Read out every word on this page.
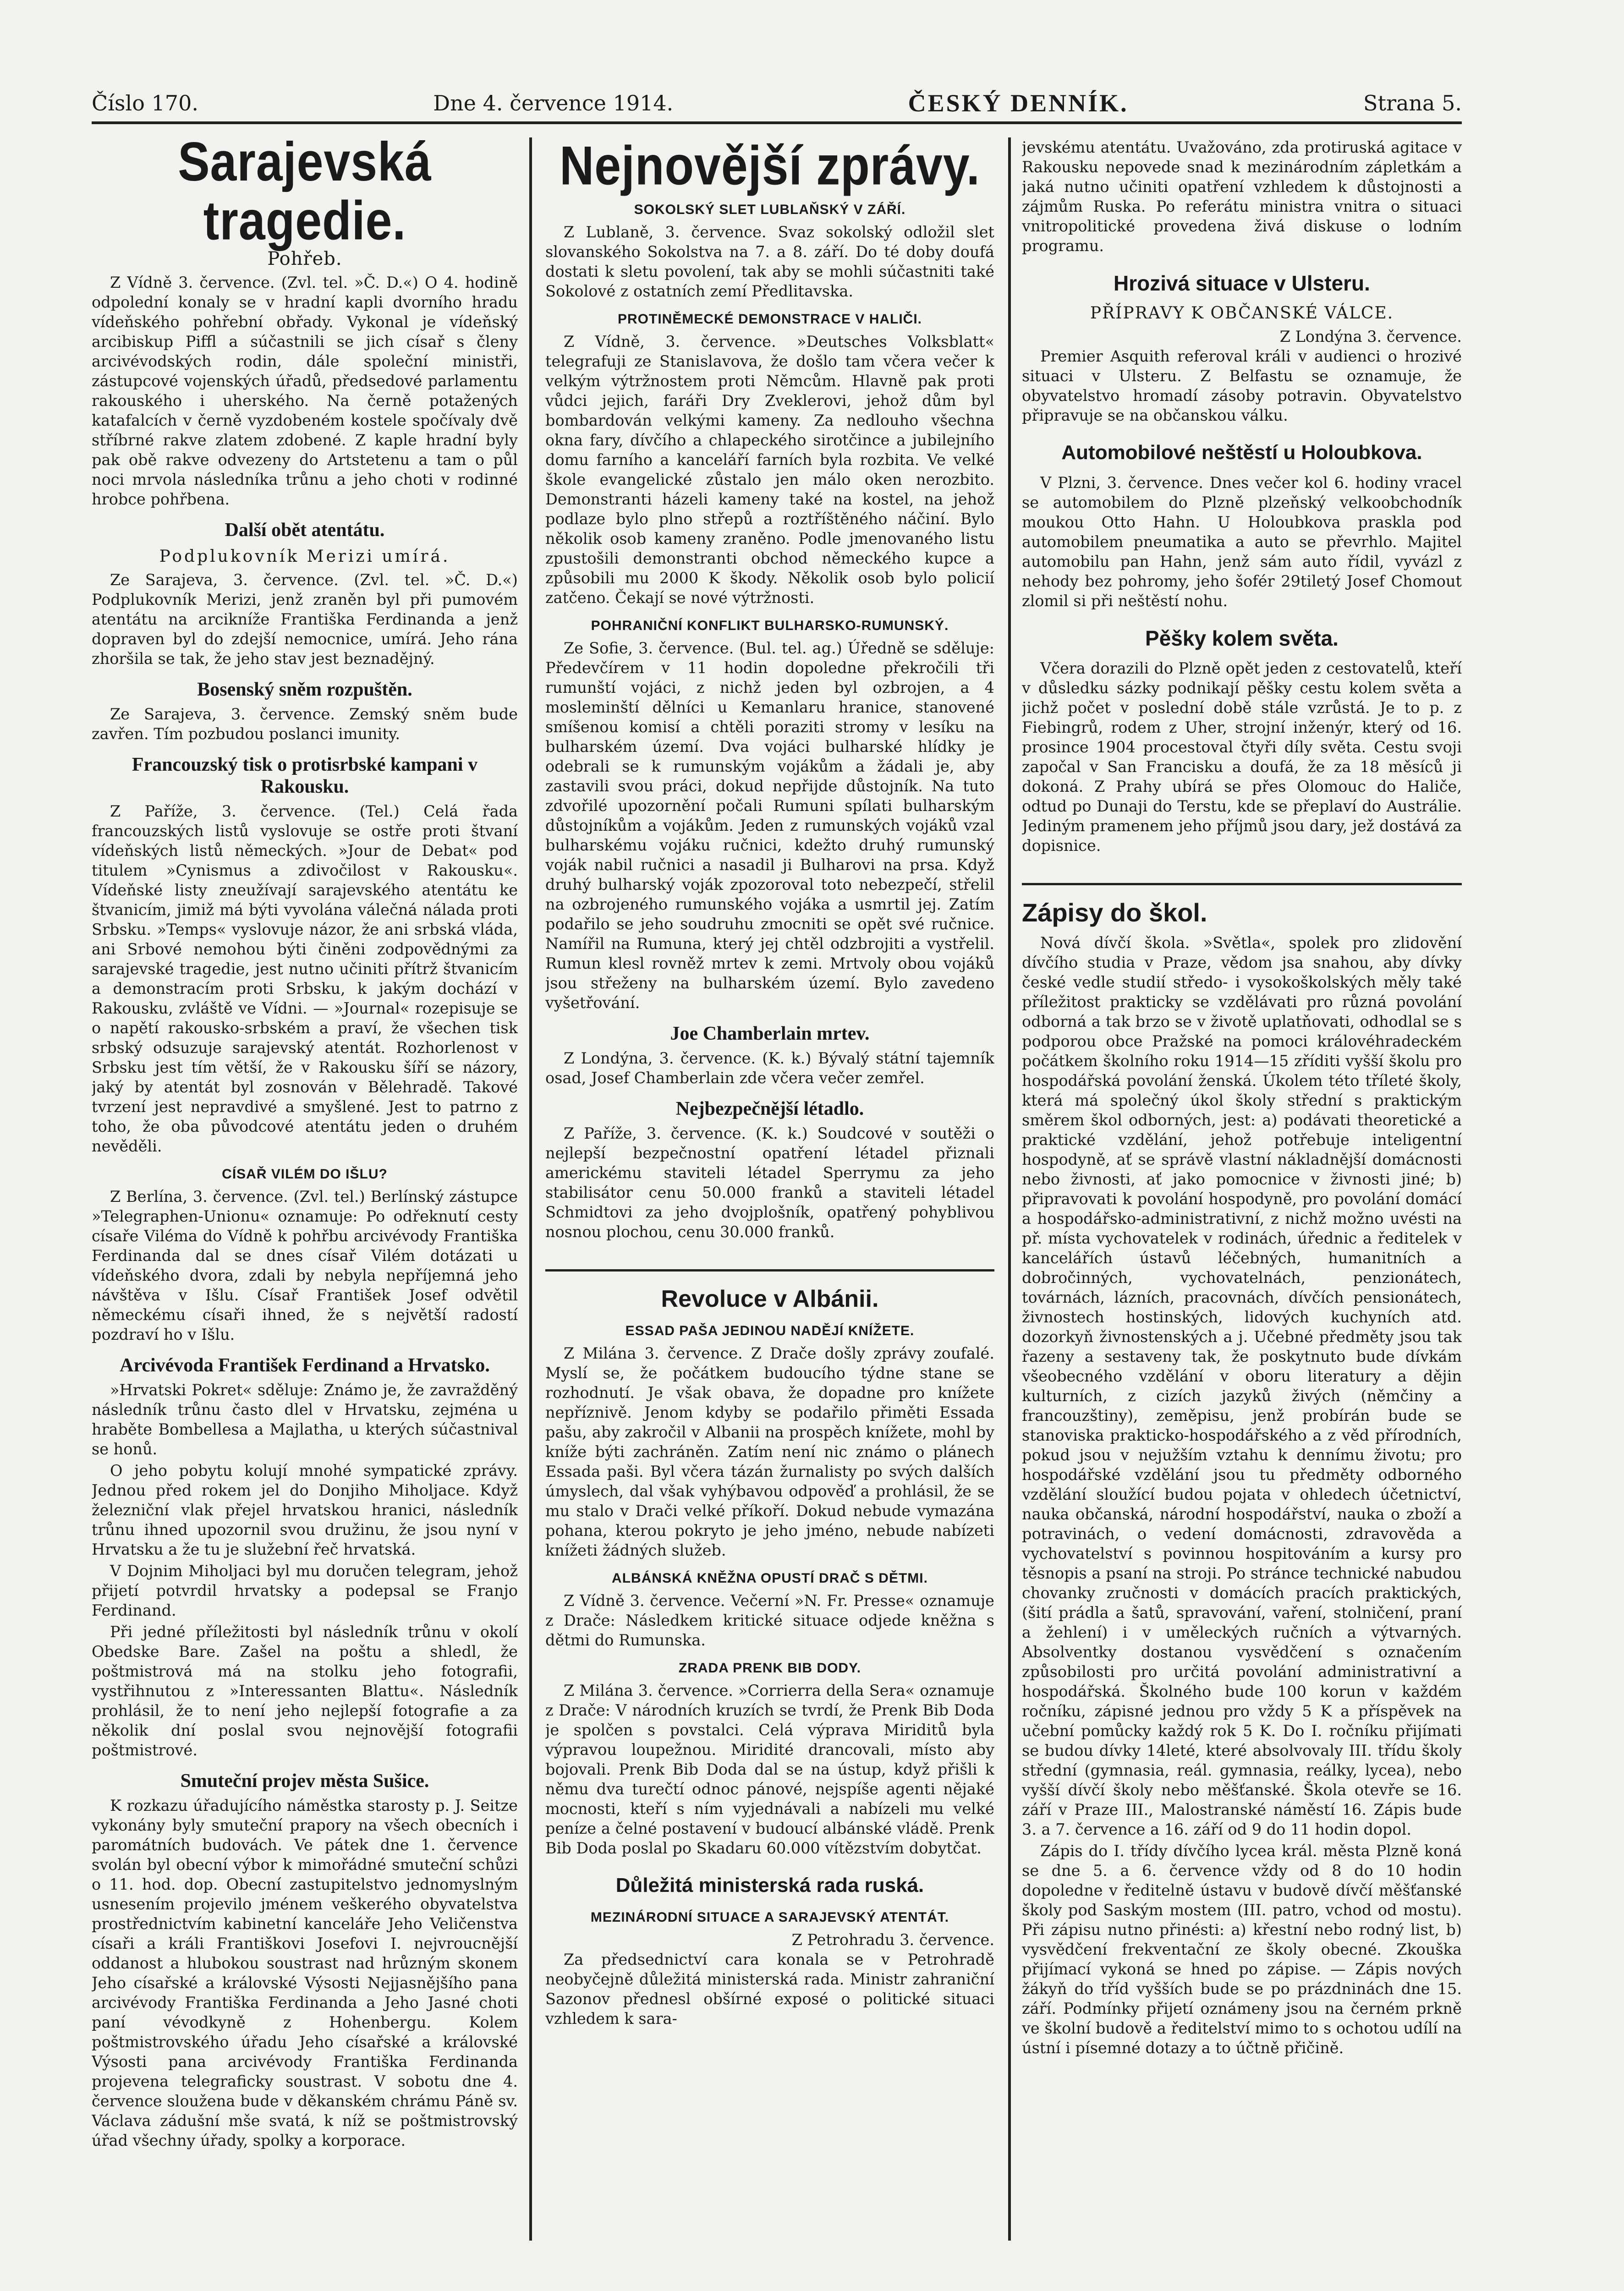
Číslo 170.	Dne 4. července 1914.	ČESKÝ DENNÍK.	Strana 5.
Sarajevská tragedie.
Pohřeb.

Z Vídně 3. července. (Zvl. tel. »Č. D.«) O 4. hodině odpolední konaly se v hradní kapli dvorního hradu vídeňského pohřební obřady. Vykonal je vídeňský arcibiskup Piffl a súčastnili se jich císař s členy arcivévodských rodin, dále společní ministři, zástupcové vojenských úřadů, předsedové parlamentu rakouského i uherského. Na černě potažených katafalcích v černě vyzdobeném kostele spočívaly dvě stříbrné rakve zlatem zdobené. Z kaple hradní byly pak obě rakve odvezeny do Artstetenu a tam o půl noci mrvola následníka trůnu a jeho choti v rodinné hrobce pohřbena.

Další obět atentátu.
Podplukovník Merizi umírá.

Ze Sarajeva, 3. července. (Zvl. tel. »Č. D.«) Podplukovník Merizi, jenž zraněn byl při pumovém atentátu na arcikníže Františka Ferdinanda a jenž dopraven byl do zdejší nemocnice, umírá. Jeho rána zhoršila se tak, že jeho stav jest beznadějný.

Bosenský sněm rozpuštěn.

Ze Sarajeva, 3. července. Zemský sněm bude zavřen. Tím pozbudou poslanci imunity.

Francouzský tisk o protisrbské kampani v Rakousku.

Z Paříže, 3. července. (Tel.) Celá řada francouzských listů vyslovuje se ostře proti štvaní vídeňských listů německých. »Jour de Debat« pod titulem »Cynismus a zdivočilost v Rakousku«. Vídeňské listy zneužívají sarajevského atentátu ke štvanicím, jimiž má býti vyvolána válečná nálada proti Srbsku. »Temps« vyslovuje názor, že ani srbská vláda, ani Srbové nemohou býti činěni zodpovědnými za sarajevské tragedie, jest nutno učiniti přítrž štvanicím a demonstracím proti Srbsku, k jakým dochází v Rakousku, zvláště ve Vídni. — »Journal« rozepisuje se o napětí rakousko-srbském a praví, že všechen tisk srbský odsuzuje sarajevský atentát. Rozhorlenost v Srbsku jest tím větší, že v Rakousku šíří se názory, jaký by atentát byl zosnován v Bělehradě. Takové tvrzení jest nepravdivé a smyšlené. Jest to patrno z toho, že oba původcové atentátu jeden o druhém nevěděli.

CÍSAŘ VILÉM DO IŠLU?

Z Berlína, 3. července. (Zvl. tel.) Berlínský zástupce »Telegraphen-Unionu« oznamuje: Po odřeknutí cesty císaře Viléma do Vídně k pohřbu arcivévody Františka Ferdinanda dal se dnes císař Vilém dotázati u vídeňského dvora, zdali by nebyla nepříjemná jeho návštěva v Išlu. Císař František Josef odvětil německému císaři ihned, že s největší radostí pozdraví ho v Išlu.

Arcivévoda František Ferdinand a Hrvatsko.

»Hrvatski Pokret« sděluje: Známo je, že zavražděný následník trůnu často dlel v Hrvatsku, zejména u hraběte Bombellesa a Majlatha, u kterých súčastnival se honů.

O jeho pobytu kolují mnohé sympatické zprávy. Jednou před rokem jel do Donjiho Miholjace. Když železniční vlak přejel hrvatskou hranici, následník trůnu ihned upozornil svou družinu, že jsou nyní v Hrvatsku a že tu je služební řeč hrvatská.

V Dojnim Miholjaci byl mu doručen telegram, jehož přijetí potvrdil hrvatsky a podepsal se Franjo Ferdinand.

Při jedné příležitosti byl následník trůnu v okolí Obedske Bare. Zašel na poštu a shledl, že poštmistrová má na stolku jeho fotografii, vystřihnutou z »Interessanten Blattu«. Následník prohlásil, že to není jeho nejlepší fotografie a za několik dní poslal svou nejnovější fotografii poštmistrové.

Smuteční projev města Sušice.

K rozkazu úřadujícího náměstka starosty p. J. Seitze vykonány byly smuteční prapory na všech obecních i paromátních budovách. Ve pátek dne 1. července svolán byl obecní výbor k mimořádné smuteční schůzi o 11. hod. dop. Obecní zastupitelstvo jednomyslným usnesením projevilo jménem veškerého obyvatelstva prostřednictvím kabinetní kanceláře Jeho Veličenstva císaři a králi Františkovi Josefovi I. nejvroucnější oddanost a hlubokou soustrast nad hrůzným skonem Jeho císařské a královské Výsosti Nejjasnějšího pana arcivévody Františka Ferdinanda a Jeho Jasné choti paní vévodkyně z Hohenbergu. Kolem poštmistrovského úřadu Jeho císařské a královské Výsosti pana arcivévody Františka Ferdinanda projevena telegraficky soustrast. V sobotu dne 4. července sloužena bude v děkanském chrámu Páně sv. Václava zádušní mše svatá, k níž se poštmistrovský úřad všechny úřady, spolky a korporace.

Nejnovější zprávy.
SOKOLSKÝ SLET LUBLAŇSKÝ V ZÁŘÍ.

Z Lublaně, 3. července. Svaz sokolský odložil slet slovanského Sokolstva na 7. a 8. září. Do té doby doufá dostati k sletu povolení, tak aby se mohli súčastniti také Sokolové z ostatních zemí Předlitavska.

PROTINĚMECKÉ DEMONSTRACE V HALIČI.

Z Vídně, 3. července. »Deutsches Volksblatt« telegrafuji ze Stanislavova, že došlo tam včera večer k velkým výtržnostem proti Němcům. Hlavně pak proti vůdci jejich, faráři Dry Zveklerovi, jehož dům byl bombardován velkými kameny. Za nedlouho všechna okna fary, dívčího a chlapeckého sirotčince a jubilejního domu farního a kanceláří farních byla rozbita. Ve velké škole evangelické zůstalo jen málo oken nerozbito. Demonstranti házeli kameny také na kostel, na jehož podlaze bylo plno střepů a roztříštěného náčiní. Bylo několik osob kameny zraněno. Podle jmenovaného listu zpustošili demonstranti obchod německého kupce a způsobili mu 2000 K škody. Několik osob bylo policií zatčeno. Čekají se nové výtržnosti.

POHRANIČNÍ KONFLIKT BULHARSKO-RUMUNSKÝ.

Ze Sofie, 3. července. (Bul. tel. ag.) Úředně se sděluje: Předevčírem v 11 hodin dopoledne překročili tři rumunští vojáci, z nichž jeden byl ozbrojen, a 4 mosleminští dělníci u Kemanlaru hranice, stanovené smíšenou komisí a chtěli poraziti stromy v lesíku na bulharském území. Dva vojáci bulharské hlídky je odebrali se k rumunským vojákům a žádali je, aby zastavili svou práci, dokud nepřijde důstojník. Na tuto zdvořilé upozornění počali Rumuni spílati bulharským důstojníkům a vojákům. Jeden z rumunských vojáků vzal bulharskému vojáku ručnici, kdežto druhý rumunský voják nabil ručnici a nasadil ji Bulharovi na prsa. Když druhý bulharský voják zpozoroval toto nebezpečí, střelil na ozbrojeného rumunského vojáka a usmrtil jej. Zatím podařilo se jeho soudruhu zmocniti se opět své ručnice. Namířil na Rumuna, který jej chtěl odzbrojiti a vystřelil. Rumun klesl rovněž mrtev k zemi. Mrtvoly obou vojáků jsou střeženy na bulharském území. Bylo zavedeno vyšetřování.

Joe Chamberlain mrtev.

Z Londýna, 3. července. (K. k.) Bývalý státní tajemník osad, Josef Chamberlain zde včera večer zemřel.

Nejbezpečnější létadlo.

Z Paříže, 3. července. (K. k.) Soudcové v soutěži o nejlepší bezpečnostní opatření létadel přiznali americkému staviteli létadel Sperrymu za jeho stabilisátor cenu 50.000 franků a staviteli létadel Schmidtovi za jeho dvojplošník, opatřený pohyblivou nosnou plochou, cenu 30.000 franků.

Revoluce v Albánii.
ESSAD PAŠA JEDINOU NADĚJÍ KNÍŽETE.

Z Milána 3. července. Z Drače došly zprávy zoufalé. Myslí se, že počátkem budoucího týdne stane se rozhodnutí. Je však obava, že dopadne pro knížete nepříznivě. Jenom kdyby se podařilo přiměti Essada pašu, aby zakročil v Albanii na prospěch knížete, mohl by kníže býti zachráněn. Zatím není nic známo o plánech Essada paši. Byl včera tázán žurnalisty po svých dalších úmyslech, dal však vyhýbavou odpověď a prohlásil, že se mu stalo v Drači velké příkoří. Dokud nebude vymazána pohana, kterou pokryto je jeho jméno, nebude nabízeti knížeti žádných služeb.

ALBÁNSKÁ KNĚŽNA OPUSTÍ DRAČ S DĚTMI.

Z Vídně 3. července. Večerní »N. Fr. Presse« oznamuje z Drače: Následkem kritické situace odjede kněžna s dětmi do Rumunska.

ZRADA PRENK BIB DODY.

Z Milána 3. července. »Corrierra della Sera« oznamuje z Drače: V národních kruzích se tvrdí, že Prenk Bib Doda je spolčen s povstalci. Celá výprava Miriditů byla výpravou loupežnou. Miridité drancovali, místo aby bojovali. Prenk Bib Doda dal se na ústup, když přišli k němu dva turečtí odnoc pánové, nejspíše agenti nějaké mocnosti, kteří s ním vyjednávali a nabízeli mu velké peníze a čelné postavení v budoucí albánské vládě. Prenk Bib Doda poslal po Skadaru 60.000 vítězstvím dobytčat.

Důležitá ministerská rada ruská.
MEZINÁRODNÍ SITUACE A SARAJEVSKÝ ATENTÁT.
Z Petrohradu 3. července.

Za předsednictví cara konala se v Petrohradě neobyčejně důležitá ministerská rada. Ministr zahraniční Sazonov přednesl obšírné exposé o politické situaci vzhledem k sara-

jevskému atentátu. Uvažováno, zda protiruská agitace v Rakousku nepovede snad k mezinárodním zápletkám a jaká nutno učiniti opatření vzhledem k důstojnosti a zájmům Ruska. Po referátu ministra vnitra o situaci vnitropolitické provedena živá diskuse o lodním programu.

Hrozivá situace v Ulsteru.
PŘÍPRAVY K OBČANSKÉ VÁLCE.
Z Londýna 3. července.

Premier Asquith referoval králi v audienci o hrozivé situaci v Ulsteru. Z Belfastu se oznamuje, že obyvatelstvo hromadí zásoby potravin. Obyvatelstvo připravuje se na občanskou válku.

Automobilové neštěstí u Holoubkova.

V Plzni, 3. července. Dnes večer kol 6. hodiny vracel se automobilem do Plzně plzeňský velkoobchodník moukou Otto Hahn. U Holoubkova praskla pod automobilem pneumatika a auto se převrhlo. Majitel automobilu pan Hahn, jenž sám auto řídil, vyvázl z nehody bez pohromy, jeho šofér 29tiletý Josef Chomout zlomil si při neštěstí nohu.

Pěšky kolem světa.

Včera dorazili do Plzně opět jeden z cestovatelů, kteří v důsledku sázky podnikají pěšky cestu kolem světa a jichž počet v poslední době stále vzrůstá. Je to p. z Fiebingrů, rodem z Uher, strojní inženýr, který od 16. prosince 1904 procestoval čtyři díly světa. Cestu svoji započal v San Francisku a doufá, že za 18 měsíců ji dokoná. Z Prahy ubírá se přes Olomouc do Haliče, odtud po Dunaji do Terstu, kde se přeplaví do Austrálie. Jediným pramenem jeho příjmů jsou dary, jež dostává za dopisnice.

Zápisy do škol.

Nová dívčí škola. »Světla«, spolek pro zlidovění dívčího studia v Praze, vědom jsa snahou, aby dívky české vedle studií středo- i vysokoškolských měly také příležitost prakticky se vzdělávati pro různá povolání odborná a tak brzo se v životě uplatňovati, odhodlal se s podporou obce Pražské na pomoci královéhradeckém počátkem školního roku 1914—15 zříditi vyšší školu pro hospodářská povolání ženská. Úkolem této tříleté školy, která má společný úkol školy střední s praktickým směrem škol odborných, jest: a) podávati theoretické a praktické vzdělání, jehož potřebuje inteligentní hospodyně, ať se správě vlastní nákladnější domácnosti nebo živnosti, ať jako pomocnice v živnosti jiné; b) připravovati k povolání hospodyně, pro povolání domácí a hospodářsko-administrativní, z nichž možno uvésti na př. místa vychovatelek v rodinách, úřednic a ředitelek v kancelářích ústavů léčebných, humanitních a dobročinných, vychovatelnách, penzionátech, továrnách, lázních, pracovnách, dívčích pensionátech, živnostech hostinských, lidových kuchyních atd. dozorkyň živnostenských a j. Učebné předměty jsou tak řazeny a sestaveny tak, že poskytnuto bude dívkám všeobecného vzdělání v oboru literatury a dějin kulturních, z cizích jazyků živých (němčiny a francouzštiny), zeměpisu, jenž probírán bude se stanoviska prakticko-hospodářského a z věd přírodních, pokud jsou v nejužším vztahu k dennímu životu; pro hospodářské vzdělání jsou tu předměty odborného vzdělání sloužící budou pojata v ohledech účetnictví, nauka občanská, národní hospodářství, nauka o zboží a potravinách, o vedení domácnosti, zdravověda a vychovatelství s povinnou hospitováním a kursy pro těsnopis a psaní na stroji. Po stránce technické nabudou chovanky zručnosti v domácích pracích praktických, (šití prádla a šatů, spravování, vaření, stolničení, praní a žehlení) i v uměleckých ručních a výtvarných. Absolventky dostanou vysvědčení s označením způsobilosti pro určitá povolání administrativní a hospodářská. Školného bude 100 korun v každém ročníku, zápisné jednou pro vždy 5 K a příspěvek na učební pomůcky každý rok 5 K. Do I. ročníku přijímati se budou dívky 14leté, které absolvovaly III. třídu školy střední (gymnasia, reál. gymnasia, reálky, lycea), nebo vyšší dívčí školy nebo měšťanské. Škola otevře se 16. září v Praze III., Malostranské náměstí 16. Zápis bude 3. a 7. července a 16. září od 9 do 11 hodin dopol.

Zápis do I. třídy dívčího lycea král. města Plzně koná se dne 5. a 6. července vždy od 8 do 10 hodin dopoledne v ředitelně ústavu v budově dívčí měšťanské školy pod Saským mostem (III. patro, vchod od mostu). Při zápisu nutno přinésti: a) křestní nebo rodný list, b) vysvědčení frekventační ze školy obecné. Zkouška přijímací vykoná se hned po zápise. — Zápis nových žákyň do tříd vyšších bude se po prázdninách dne 15. září. Podmínky přijetí oznámeny jsou na černém prkně ve školní budově a ředitelství mimo to s ochotou udílí na ústní i písemné dotazy a to účtně přičině.
